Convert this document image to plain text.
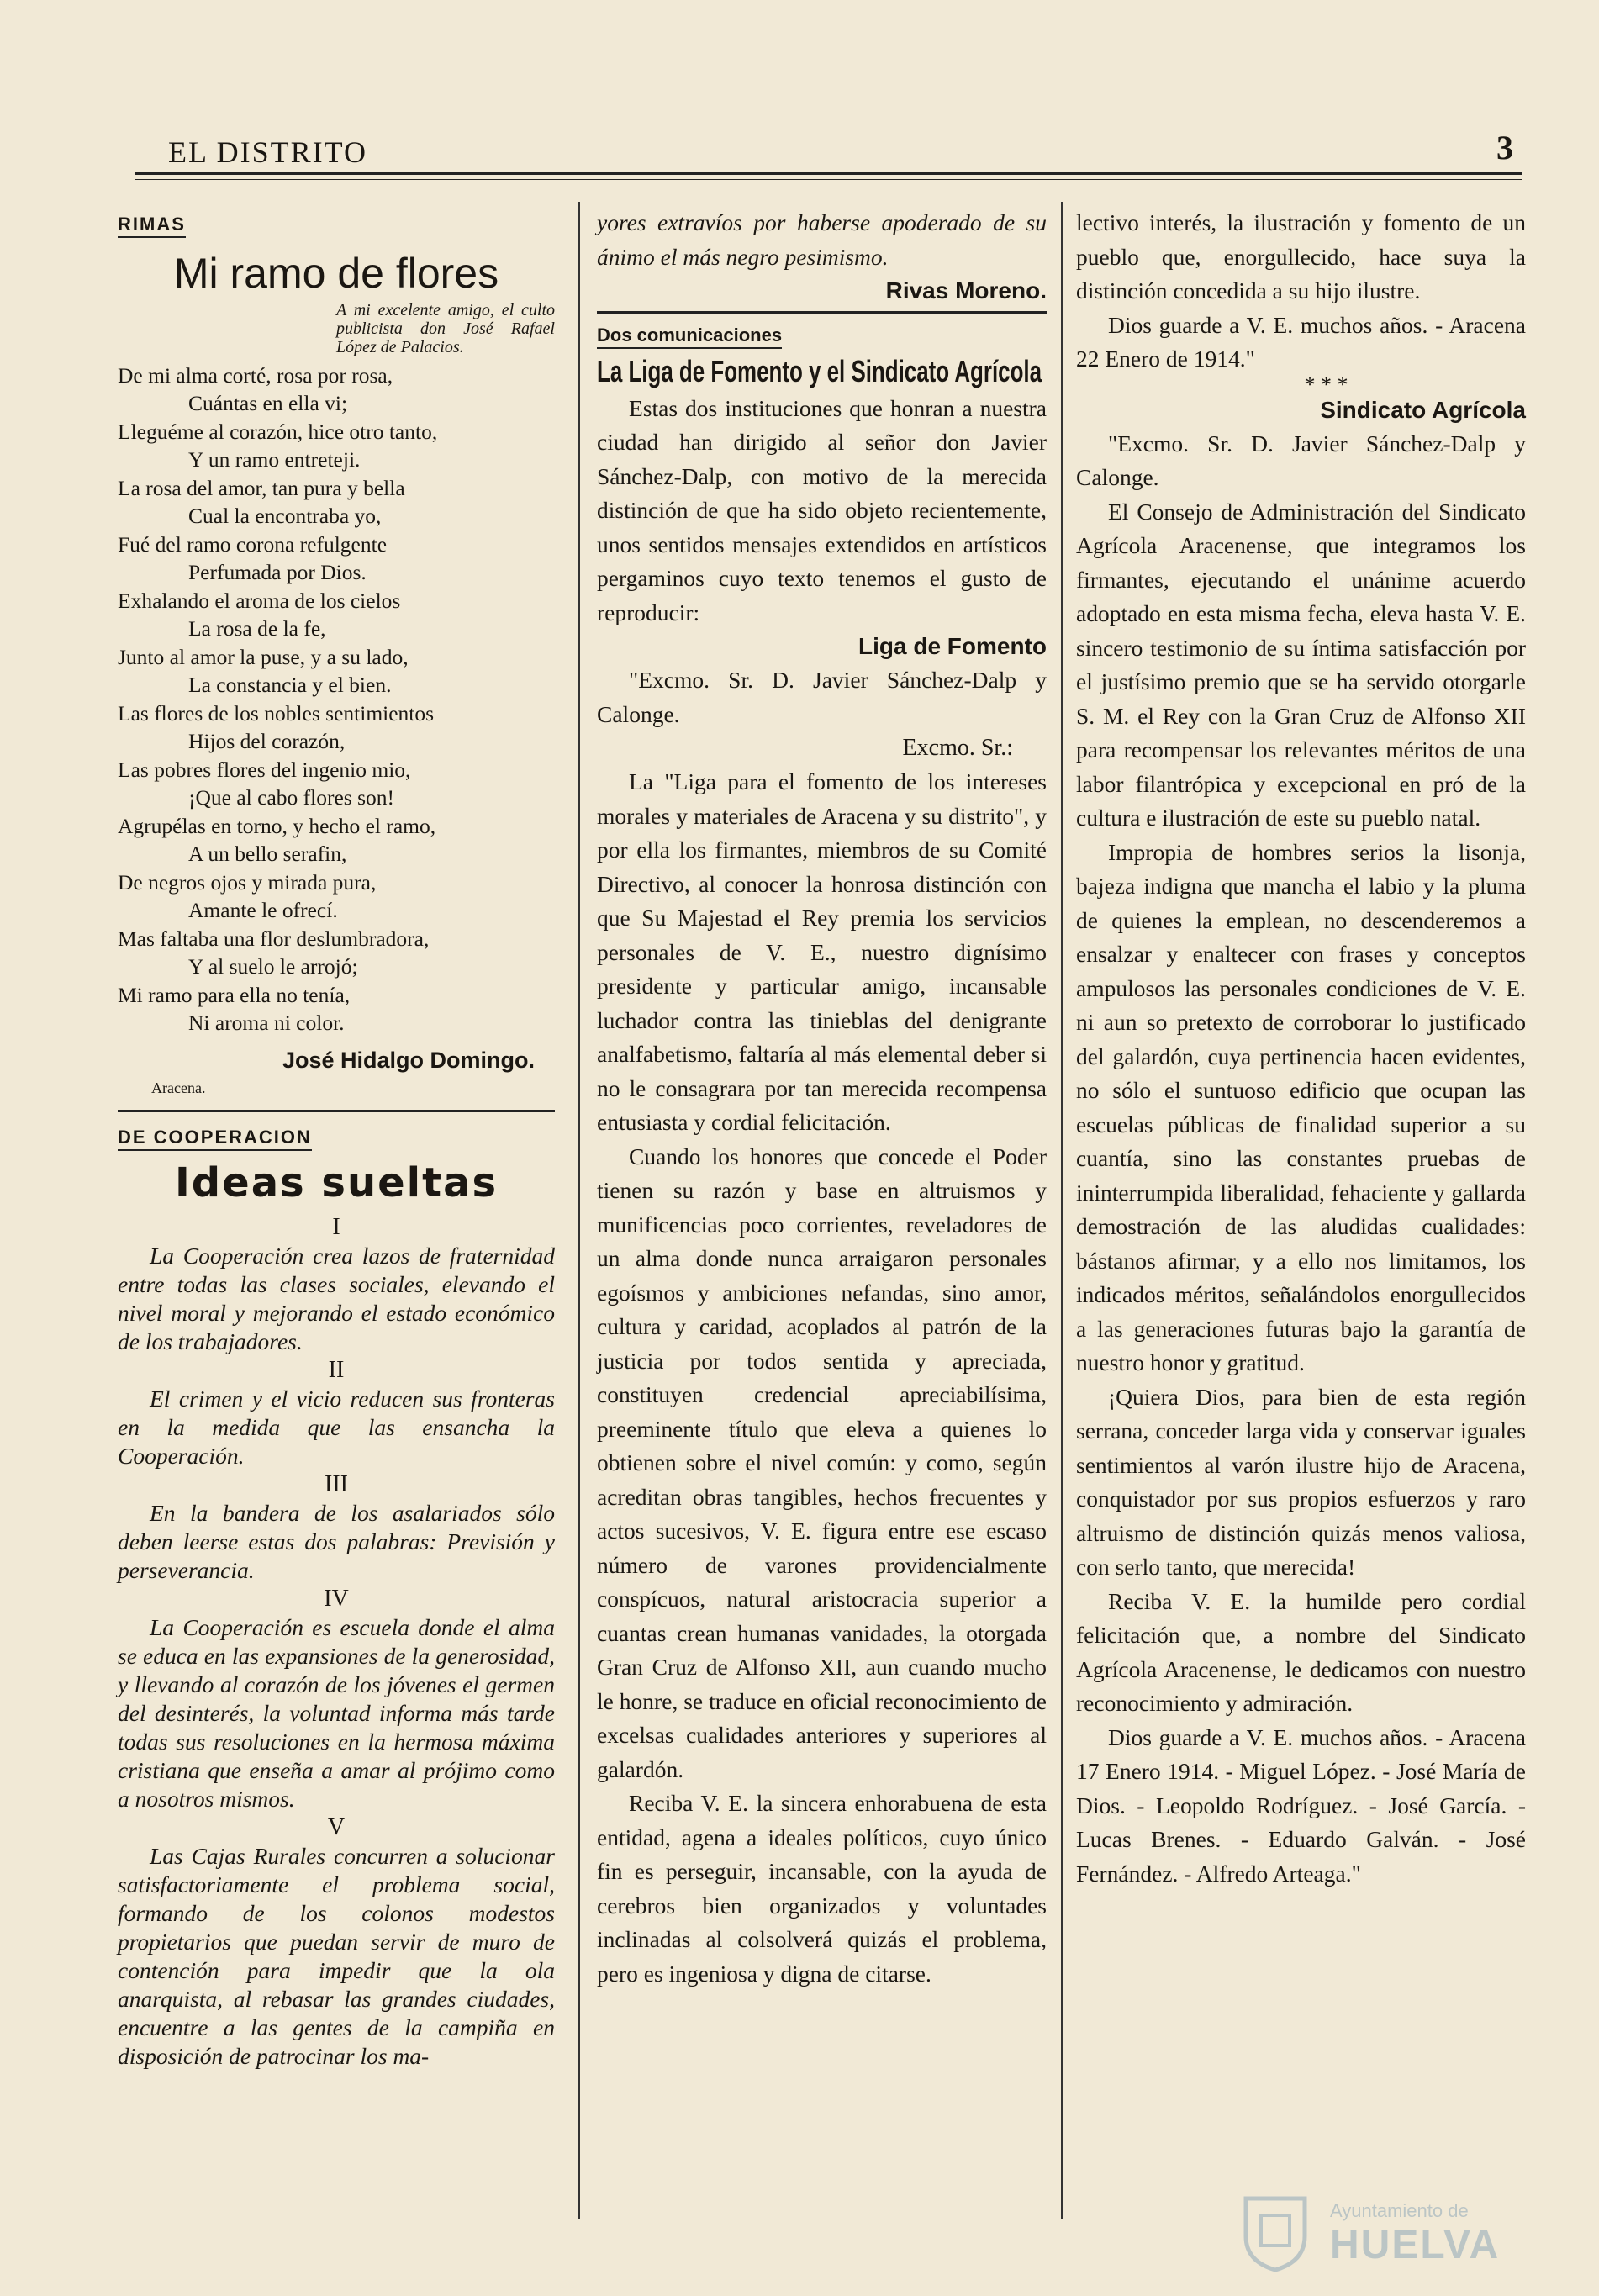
EL DISTRITO	3
RIMAS
Mi ramo de flores
A mi excelente amigo, el culto publicista don José Rafael López de Palacios.
De mi alma corté, rosa por rosa,
Cuántas en ella vi;
Lleguéme al corazón, hice otro tanto,
Y un ramo entreteji.
La rosa del amor, tan pura y bella
Cual la encontraba yo,
Fué del ramo corona refulgente
Perfumada por Dios.
Exhalando el aroma de los cielos
La rosa de la fe,
Junto al amor la puse, y a su lado,
La constancia y el bien.
Las flores de los nobles sentimientos
Hijos del corazón,
Las pobres flores del ingenio mio,
¡Que al cabo flores son!
Agrupélas en torno, y hecho el ramo,
A un bello serafin,
De negros ojos y mirada pura,
Amante le ofrecí.
Mas faltaba una flor deslumbradora,
Y al suelo le arrojó;
Mi ramo para ella no tenía,
Ni aroma ni color.
José Hidalgo Domingo.
Aracena.
DE COOPERACION
Ideas sueltas
I

La Cooperación crea lazos de fraternidad entre todas las clases sociales, elevando el nivel moral y mejorando el estado económico de los trabajadores.

II

El crimen y el vicio reducen sus fronteras en la medida que las ensancha la Cooperación.

III

En la bandera de los asalariados sólo deben leerse estas dos palabras: Previsión y perseverancia.

IV

La Cooperación es escuela donde el alma se educa en las expansiones de la generosidad, y llevando al corazón de los jóvenes el germen del desinterés, la voluntad informa más tarde todas sus resoluciones en la hermosa máxima cristiana que enseña a amar al prójimo como a nosotros mismos.

V

Las Cajas Rurales concurren a solucionar satisfactoriamente el problema social, formando de los colonos modestos propietarios que puedan servir de muro de contención para impedir que la ola anarquista, al rebasar las grandes ciudades, encuentre a las gentes de la campiña en disposición de patrocinar los ma-

yores extravíos por haberse apoderado de su ánimo el más negro pesimismo.

Rivas Moreno.
Dos comunicaciones
La Liga de Fomento y el Sindicato Agrícola

Estas dos instituciones que honran a nuestra ciudad han dirigido al señor don Javier Sánchez-Dalp, con motivo de la merecida distinción de que ha sido objeto recientemente, unos sentidos mensajes extendidos en artísticos pergaminos cuyo texto tenemos el gusto de reproducir:

Liga de Fomento

"Excmo. Sr. D. Javier Sánchez-Dalp y Calonge.

Excmo. Sr.:

La "Liga para el fomento de los intereses morales y materiales de Aracena y su distrito", y por ella los firmantes, miembros de su Comité Directivo, al conocer la honrosa distinción con que Su Majestad el Rey premia los servicios personales de V. E., nuestro dignísimo presidente y particular amigo, incansable luchador contra las tinieblas del denigrante analfabetismo, faltaría al más elemental deber si no le consagrara por tan merecida recompensa entusiasta y cordial felicitación.

Cuando los honores que concede el Poder tienen su razón y base en altruismos y munificencias poco corrientes, reveladores de un alma donde nunca arraigaron personales egoísmos y ambiciones nefandas, sino amor, cultura y caridad, acoplados al patrón de la justicia por todos sentida y apreciada, constituyen credencial apreciabilísima, preeminente título que eleva a quienes lo obtienen sobre el nivel común: y como, según acreditan obras tangibles, hechos frecuentes y actos sucesivos, V. E. figura entre ese escaso número de varones providencialmente conspícuos, natural aristocracia superior a cuantas crean humanas vanidades, la otorgada Gran Cruz de Alfonso XII, aun cuando mucho le honre, se traduce en oficial reconocimiento de excelsas cualidades anteriores y superiores al galardón.

Reciba V. E. la sincera enhorabuena de esta entidad, agena a ideales políticos, cuyo único fin es perseguir, incansable, con la ayuda de cerebros bien organizados y voluntades inclinadas al colsolverá quizás el problema, pero es ingeniosa y digna de citarse.

lectivo interés, la ilustración y fomento de un pueblo que, enorgullecido, hace suya la distinción concedida a su hijo ilustre.

Dios guarde a V. E. muchos años. - Aracena 22 Enero de 1914."

* * *
Sindicato Agrícola

"Excmo. Sr. D. Javier Sánchez-Dalp y Calonge.

El Consejo de Administración del Sindicato Agrícola Aracenense, que integramos los firmantes, ejecutando el unánime acuerdo adoptado en esta misma fecha, eleva hasta V. E. sincero testimonio de su íntima satisfacción por el justísimo premio que se ha servido otorgarle S. M. el Rey con la Gran Cruz de Alfonso XII para recompensar los relevantes méritos de una labor filantrópica y excepcional en pró de la cultura e ilustración de este su pueblo natal.

Impropia de hombres serios la lisonja, bajeza indigna que mancha el labio y la pluma de quienes la emplean, no descenderemos a ensalzar y enaltecer con frases y conceptos ampulosos las personales condiciones de V. E. ni aun so pretexto de corroborar lo justificado del galardón, cuya pertinencia hacen evidentes, no sólo el suntuoso edificio que ocupan las escuelas públicas de finalidad superior a su cuantía, sino las constantes pruebas de ininterrumpida liberalidad, fehaciente y gallarda demostración de las aludidas cualidades: bástanos afirmar, y a ello nos limitamos, los indicados méritos, señalándolos enorgullecidos a las generaciones futuras bajo la garantía de nuestro honor y gratitud.

¡Quiera Dios, para bien de esta región serrana, conceder larga vida y conservar iguales sentimientos al varón ilustre hijo de Aracena, conquistador por sus propios esfuerzos y raro altruismo de distinción quizás menos valiosa, con serlo tanto, que merecida!

Reciba V. E. la humilde pero cordial felicitación que, a nombre del Sindicato Agrícola Aracenense, le dedicamos con nuestro reconocimiento y admiración.

Dios guarde a V. E. muchos años. - Aracena 17 Enero 1914. - Miguel López. - José María de Dios. - Leopoldo Rodríguez. - José García. - Lucas Brenes. - Eduardo Galván. - José Fernández. - Alfredo Arteaga."

Ayuntamiento de
HUELVA
